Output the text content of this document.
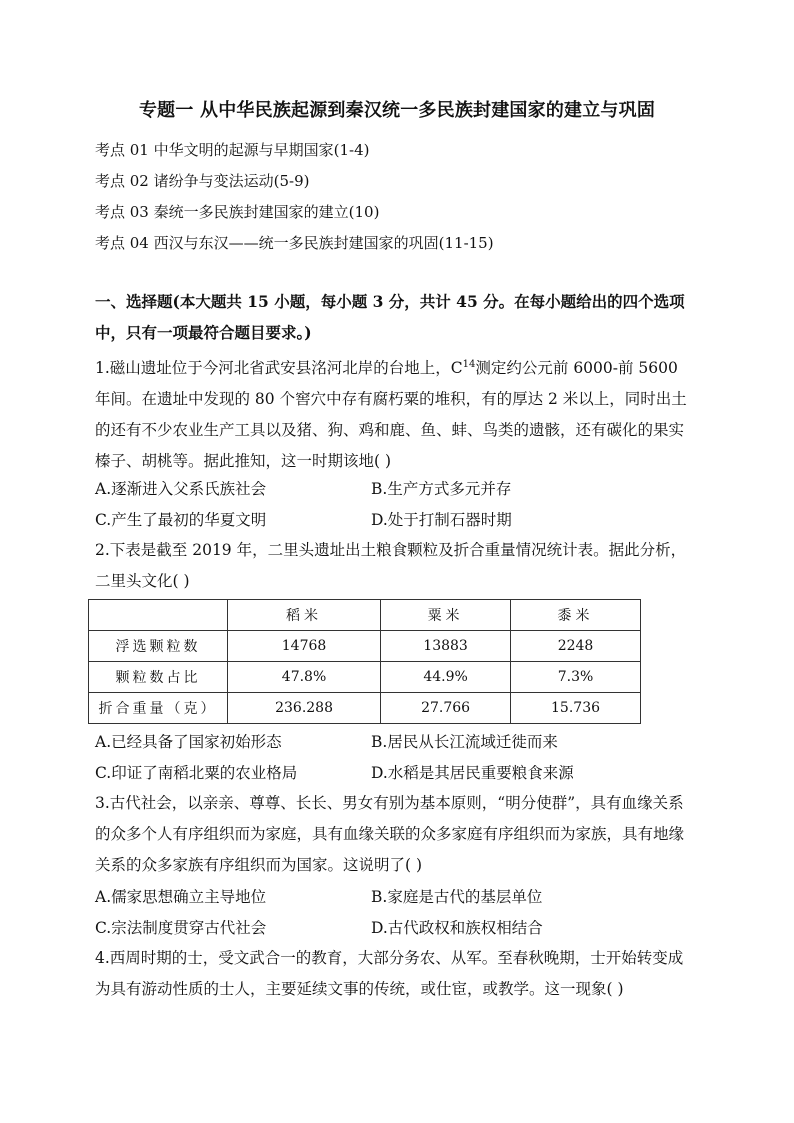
专题一 从中华民族起源到秦汉统一多民族封建国家的建立与巩固
考点 01 中华文明的起源与早期国家(1-4)
考点 02 诸纷争与变法运动(5-9)
考点 03 秦统一多民族封建国家的建立(10)
考点 04 西汉与东汉——统一多民族封建国家的巩固(11-15)
一、选择题(本大题共 15 小题，每小题 3 分，共计 45 分。在每小题给出的四个选项中，只有一项最符合题目要求。)
1.磁山遗址位于今河北省武安县洺河北岸的台地上，$C^{14}$测定约公元前 6000-前 5600 年间。在遗址中发现的 80 个窖穴中存有腐朽粟的堆积，有的厚达 2 米以上，同时出土的还有不少农业生产工具以及猪、狗、鸡和鹿、鱼、蚌、鸟类的遗骸，还有碳化的果实榛子、胡桃等。据此推知，这一时期该地( )
A.逐渐进入父系氏族社会	B.生产方式多元并存
C.产生了最初的华夏文明	D.处于打制石器时期
2.下表是截至 2019 年，二里头遗址出土粮食颗粒及折合重量情况统计表。据此分析，二里头文化( )
	稻米	粟米	黍米
浮选颗粒数	14768	13883	2248
颗粒数占比	47.8%	44.9%	7.3%
折合重量（克）	236.288	27.766	15.736
A.已经具备了国家初始形态	B.居民从长江流域迁徙而来
C.印证了南稻北粟的农业格局	D.水稻是其居民重要粮食来源
3.古代社会，以亲亲、尊尊、长长、男女有别为基本原则，“明分使群”，具有血缘关系的众多个人有序组织而为家庭，具有血缘关联的众多家庭有序组织而为家族，具有地缘关系的众多家族有序组织而为国家。这说明了( )
A.儒家思想确立主导地位	B.家庭是古代的基层单位
C.宗法制度贯穿古代社会	D.古代政权和族权相结合
4.西周时期的士，受文武合一的教育，大部分务农、从军。至春秋晚期，士开始转变成为具有游动性质的士人，主要延续文事的传统，或仕宦，或教学。这一现象( )
